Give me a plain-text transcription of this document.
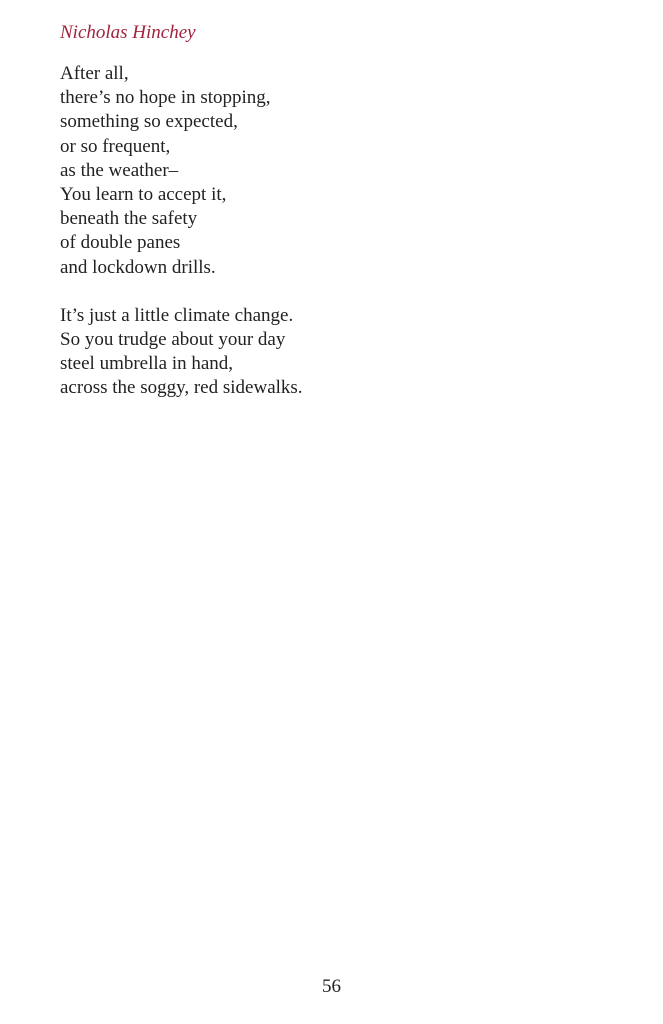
Nicholas Hinchey

After all,
there’s no hope in stopping,
something so expected,
or so frequent,
as the weather–
You learn to accept it,
beneath the safety
of double panes
and lockdown drills.
It’s just a little climate change.
So you trudge about your day
steel umbrella in hand,
across the soggy, red sidewalks.
56
